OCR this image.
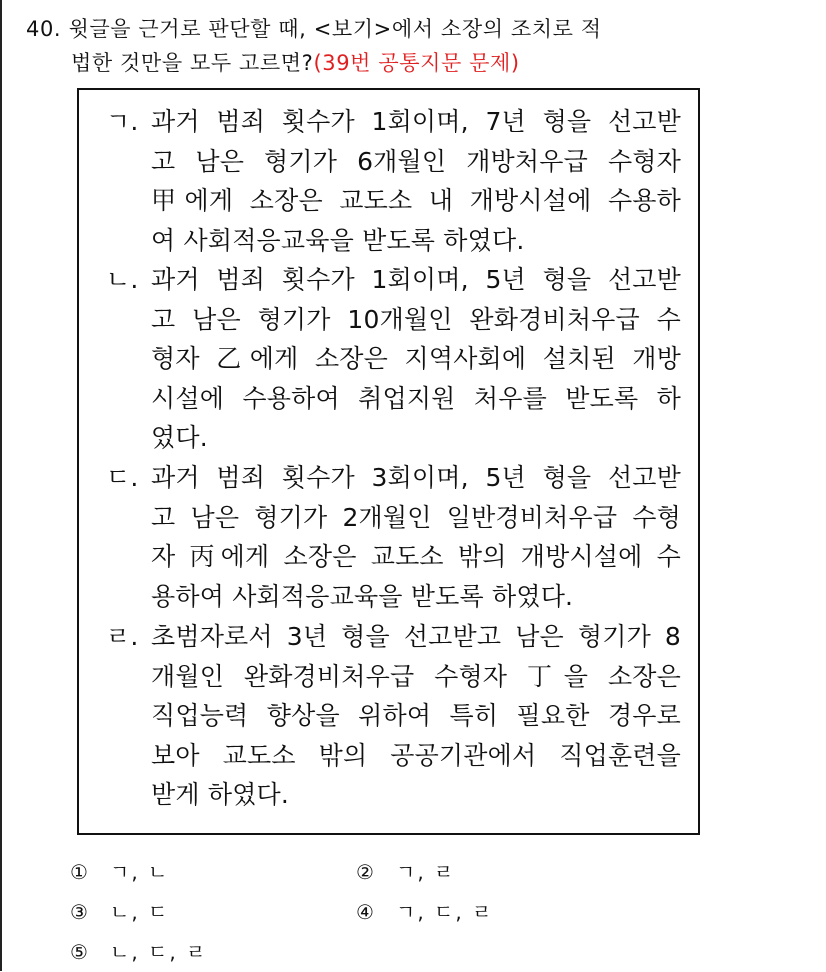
40. 윗글을 근거로 판단할 때, <보기>에서 소장의 조치로 적
법한 것만을 모두 고르면?(39번 공통지문 문제)
ㄱ. 과거 범죄 횟수가 1회이며, 7년 형을 선고받
고 남은 형기가 6개월인 개방처우급 수형자
甲에게 소장은 교도소 내 개방시설에 수용하
여 사회적응교육을 받도록 하였다.
ㄴ. 과거 범죄 횟수가 1회이며, 5년 형을 선고받
고 남은 형기가 10개월인 완화경비처우급 수
형자 乙에게 소장은 지역사회에 설치된 개방
시설에 수용하여 취업지원 처우를 받도록 하
였다.
ㄷ. 과거 범죄 횟수가 3회이며, 5년 형을 선고받
고 남은 형기가 2개월인 일반경비처우급 수형
자 丙에게 소장은 교도소 밖의 개방시설에 수
용하여 사회적응교육을 받도록 하였다.
ㄹ. 초범자로서 3년 형을 선고받고 남은 형기가 8
개월인 완화경비처우급 수형자 丁을 소장은
직업능력 향상을 위하여 특히 필요한 경우로
보아 교도소 밖의 공공기관에서 직업훈련을
받게 하였다.
① ㄱ, ㄴ	② ㄱ, ㄹ
③ ㄴ, ㄷ	④ ㄱ, ㄷ, ㄹ
⑤ ㄴ, ㄷ, ㄹ
